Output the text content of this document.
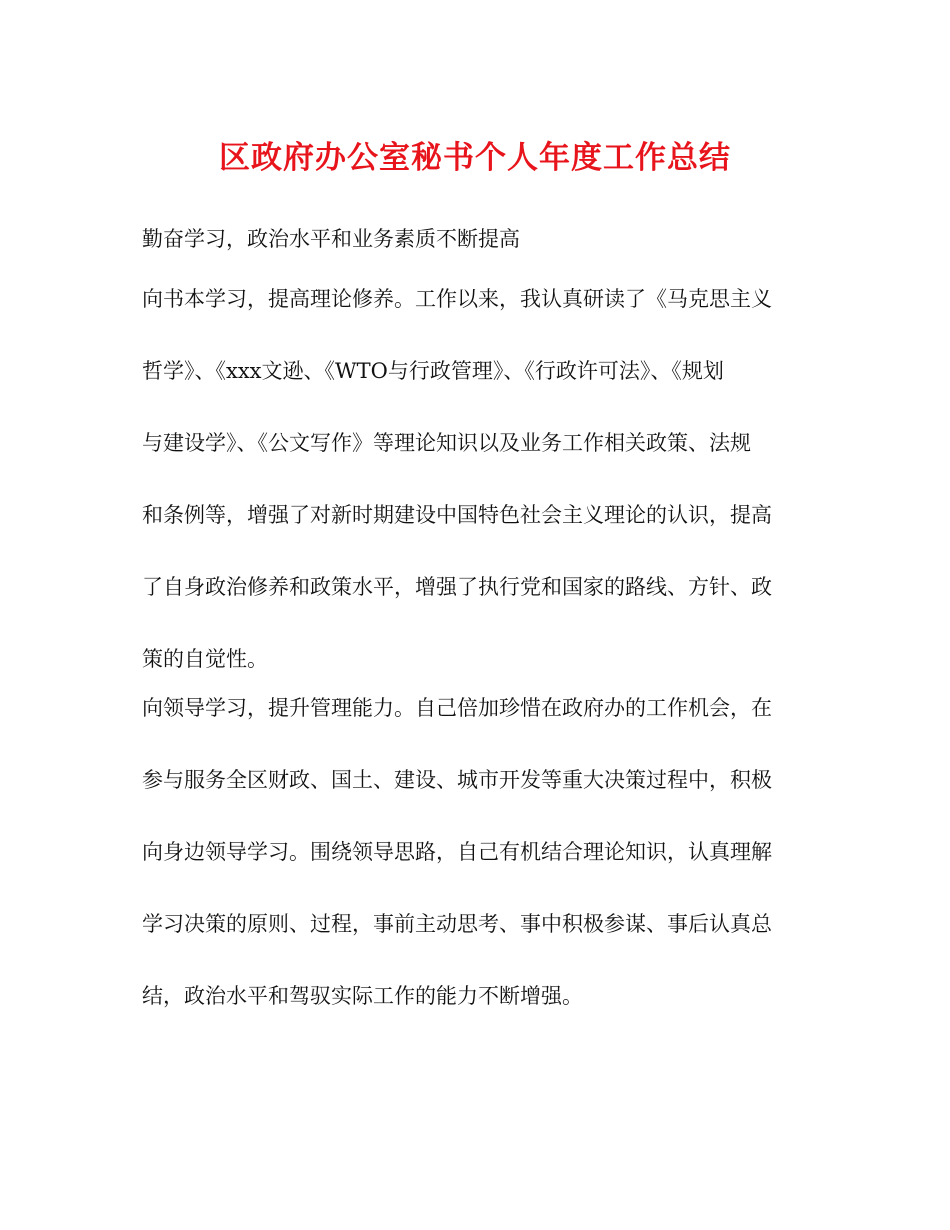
区政府办公室秘书个人年度工作总结
勤奋学习，政治水平和业务素质不断提高

向书本学习，提高理论修养。工作以来，我认真研读了《马克思主义
哲学》、《xxx文逊、《WTO与行政管理》、《行政许可法》、《规划
与建设学》、《公文写作》等理论知识以及业务工作相关政策、法规
和条例等，增强了对新时期建设中国特色社会主义理论的认识，提高
了自身政治修养和政策水平，增强了执行党和国家的路线、方针、政
策的自觉性。

向领导学习，提升管理能力。自己倍加珍惜在政府办的工作机会，在
参与服务全区财政、国土、建设、城市开发等重大决策过程中，积极
向身边领导学习。围绕领导思路，自己有机结合理论知识，认真理解
学习决策的原则、过程，事前主动思考、事中积极参谋、事后认真总
结，政治水平和驾驭实际工作的能力不断增强。
